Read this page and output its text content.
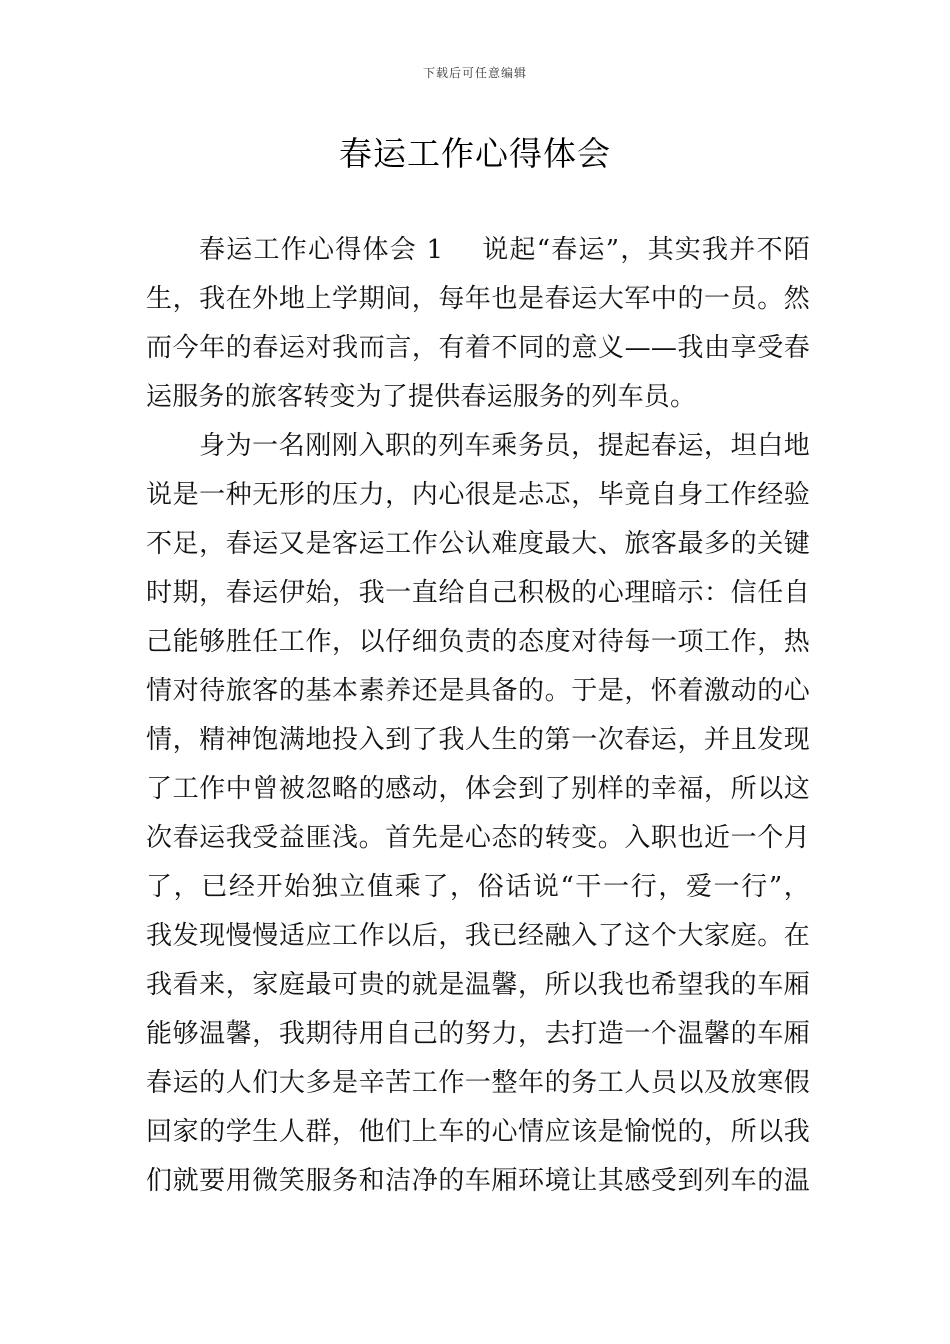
下载后可任意编辑
春运工作心得体会
春运工作心得体会 1 说起“春运”，其实我并不陌
生，我在外地上学期间，每年也是春运大军中的一员。然
而今年的春运对我而言，有着不同的意义——我由享受春
运服务的旅客转变为了提供春运服务的列车员。
身为一名刚刚入职的列车乘务员，提起春运，坦白地
说是一种无形的压力，内心很是忐忑，毕竟自身工作经验
不足，春运又是客运工作公认难度最大、旅客最多的关键
时期，春运伊始，我一直给自己积极的心理暗示：信任自
己能够胜任工作，以仔细负责的态度对待每一项工作，热
情对待旅客的基本素养还是具备的。于是，怀着激动的心
情，精神饱满地投入到了我人生的第一次春运，并且发现
了工作中曾被忽略的感动，体会到了别样的幸福，所以这
次春运我受益匪浅。首先是心态的转变。入职也近一个月
了，已经开始独立值乘了，俗话说“干一行，爱一行”，
我发现慢慢适应工作以后，我已经融入了这个大家庭。在
我看来，家庭最可贵的就是温馨，所以我也希望我的车厢
能够温馨，我期待用自己的努力，去打造一个温馨的车厢
春运的人们大多是辛苦工作一整年的务工人员以及放寒假
回家的学生人群，他们上车的心情应该是愉悦的，所以我
们就要用微笑服务和洁净的车厢环境让其感受到列车的温
